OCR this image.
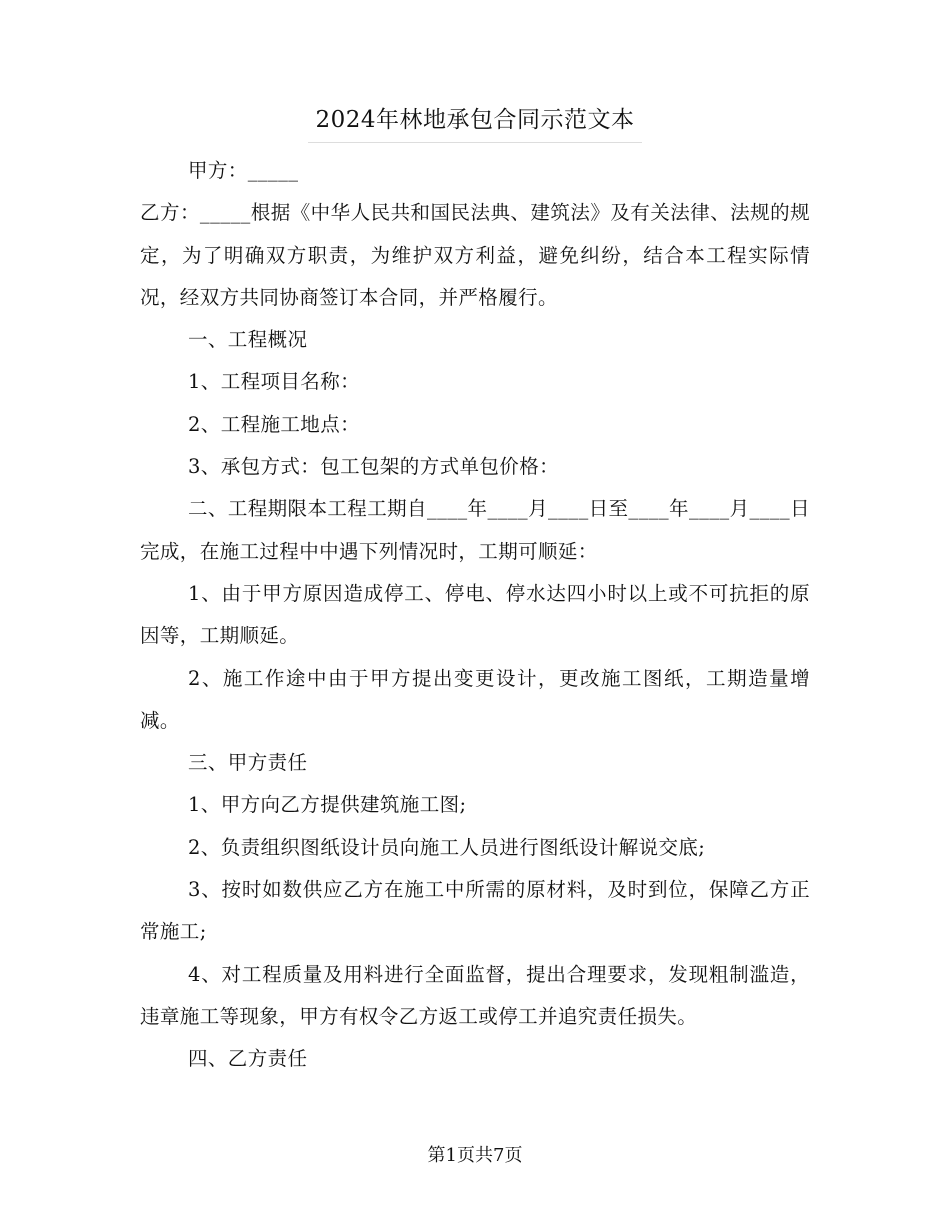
2024年林地承包合同示范文本

甲方：_____

乙方：_____根据《中华人民共和国民法典、建筑法》及有关法律、法规的规定，为了明确双方职责，为维护双方利益，避免纠纷，结合本工程实际情况，经双方共同协商签订本合同，并严格履行。

一、工程概况

1、工程项目名称：

2、工程施工地点：

3、承包方式：包工包架的方式单包价格：

二、工程期限本工程工期自____年____月____日至____年____月____日完成，在施工过程中中遇下列情况时，工期可顺延：

1、由于甲方原因造成停工、停电、停水达四小时以上或不可抗拒的原因等，工期顺延。

2、施工作途中由于甲方提出变更设计，更改施工图纸，工期造量增减。

三、甲方责任

1、甲方向乙方提供建筑施工图;

2、负责组织图纸设计员向施工人员进行图纸设计解说交底;

3、按时如数供应乙方在施工中所需的原材料，及时到位，保障乙方正常施工;

4、对工程质量及用料进行全面监督，提出合理要求，发现粗制滥造，违章施工等现象，甲方有权令乙方返工或停工并追究责任损失。

四、乙方责任

第1页共7页
